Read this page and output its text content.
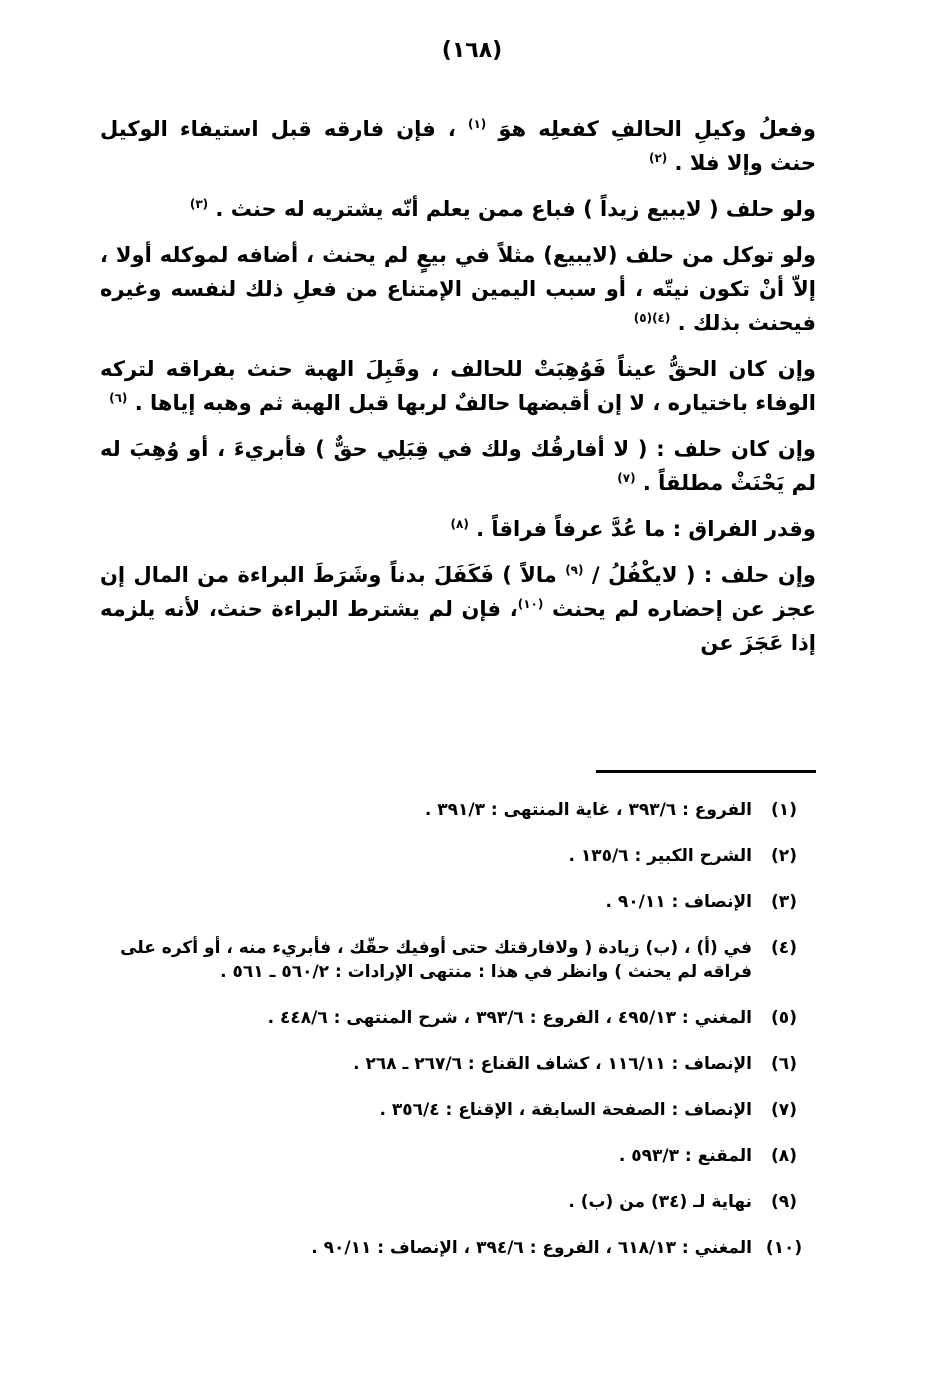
(١٦٨)

وفعلُ وكيلِ الحالفِ كفعلِه هوَ $^{(١)}$ ، فإن فارقه قبل استيفاء الوكيل حنث وإلا فلا . $^{(٢)}$

ولو حلف ( لايبيع زيداً ) فباع ممن يعلم أنّه يشتريه له حنث . $^{(٣)}$

ولو توكل من حلف (لايبيع) مثلاً في بيعٍ لم يحنث ، أضافه لموكله أولا ، إلاّ أنْ تكون نيتّه ، أو سبب اليمين الإمتناع من فعلِ ذلك لنفسه وغيره فيحنث بذلك . $^{(٤)(٥)}$

وإن كان الحقُّ عيناً فَوُهِبَتْ للحالف ، وقَبِلَ الهبة حنث بفراقه لتركه الوفاء باختياره ، لا إن أقبضها حالفٌ لربها قبل الهبة ثم وهبه إياها . $^{(٦)}$

وإن كان حلف : ( لا أفارقُك ولك في قِبَلِي حقٌّ ) فأبريءَ ، أو وُهِبَ له لم يَحْنَثْ مطلقاً . $^{(٧)}$

وقدر الفراق : ما عُدَّ عرفاً فراقاً . $^{(٨)}$

وإن حلف : ( لايكْفُلُ / $^{(٩)}$ مالاً ) فَكَفَلَ بدناً وشَرَطَ البراءة من المال إن عجز عن إحضاره لم يحنث $^{(١٠)}$، فإن لم يشترط البراءة حنث، لأنه يلزمه إذا عَجَزَ عن

(١)
الفروع : ٣٩٣/٦ ، غاية المنتهى : ٣٩١/٣ .
(٢)
الشرح الكبير : ١٣٥/٦ .
(٣)
الإنصاف : ٩٠/١١ .
(٤)
في (أ) ، (ب) زيادة ( ولافارقتك حتى أوفيك حقّك ، فأبريء منه ، أو أكره على فراقه لم يحنث ) وانظر في هذا : منتهى الإرادات : ٥٦٠/٢ ـ ٥٦١ .
(٥)
المغني : ٤٩٥/١٣ ، الفروع : ٣٩٣/٦ ، شرح المنتهى : ٤٤٨/٦ .
(٦)
الإنصاف : ١١٦/١١ ، كشاف القناع : ٢٦٧/٦ ـ ٢٦٨ .
(٧)
الإنصاف : الصفحة السابقة ، الإقناع : ٣٥٦/٤ .
(٨)
المقنع : ٥٩٣/٣ .
(٩)
نهاية لـ (٣٤) من (ب) .
(١٠)
المغني : ٦١٨/١٣ ، الفروع : ٣٩٤/٦ ، الإنصاف : ٩٠/١١ .
